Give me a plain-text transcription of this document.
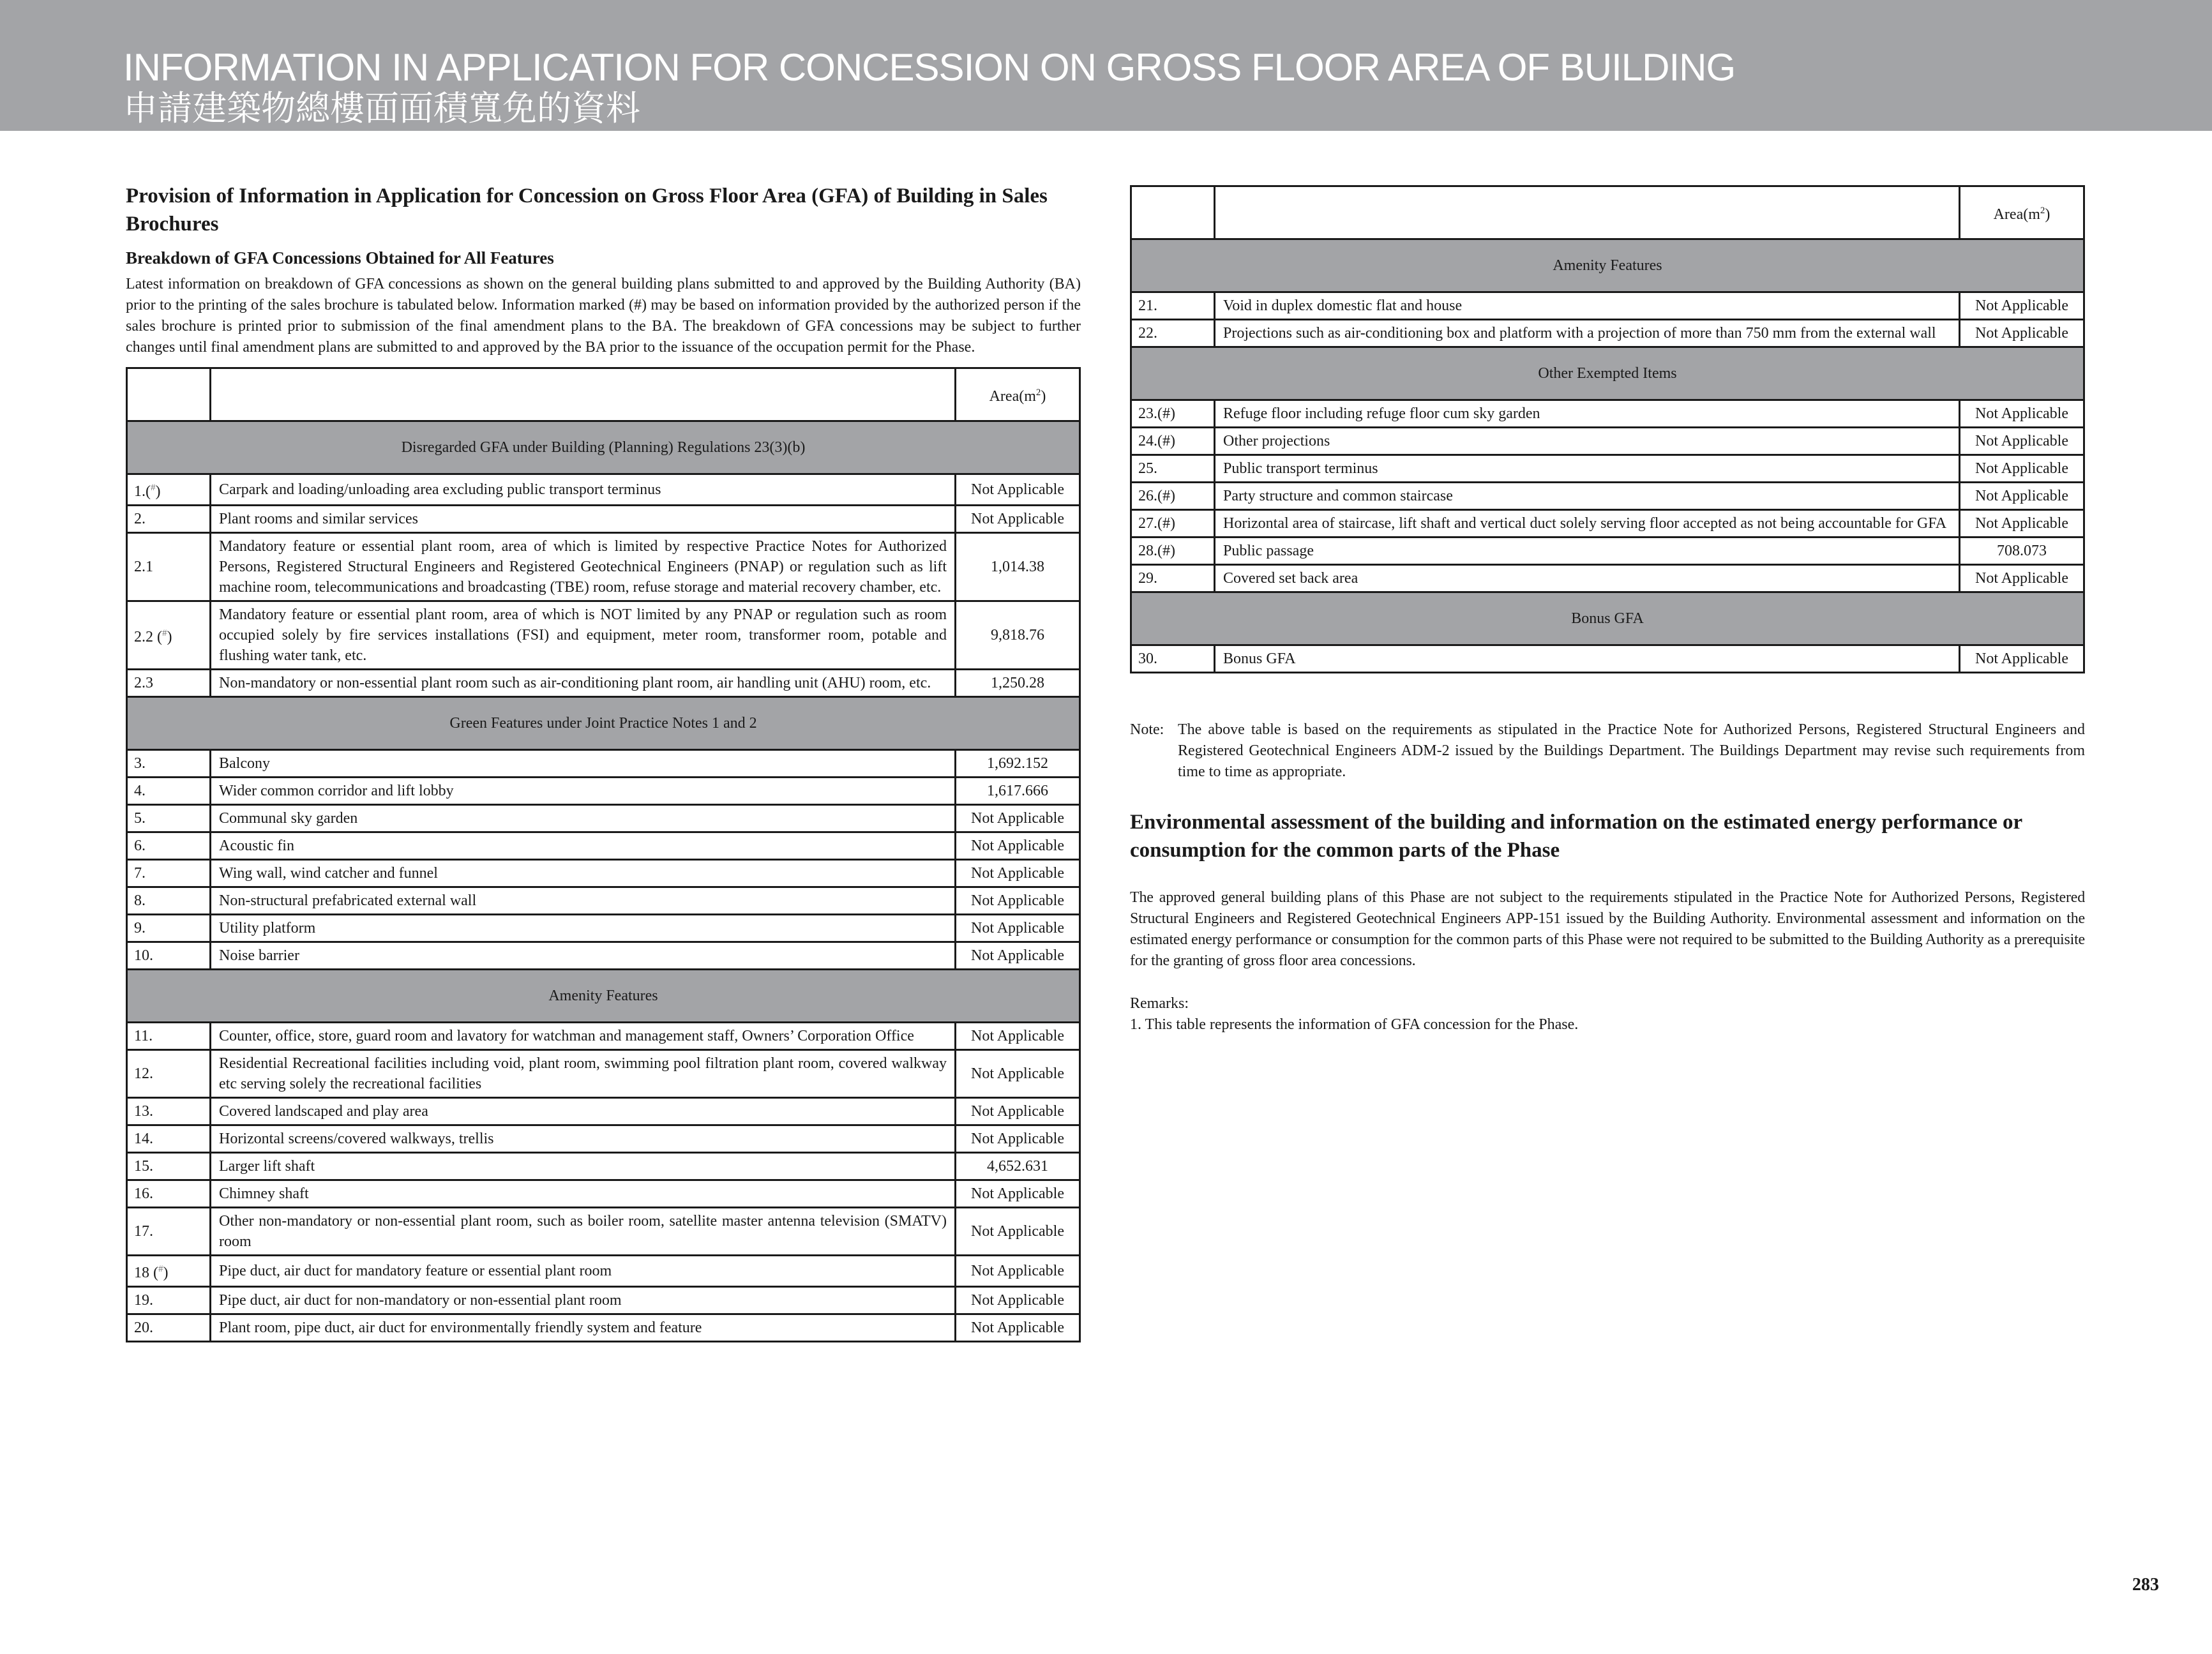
INFORMATION IN APPLICATION FOR CONCESSION ON GROSS FLOOR AREA OF BUILDING
申請建築物總樓面面積寬免的資料

Provision of Information in Application for Concession on Gross Floor Area (GFA) of Building in Sales Brochures

Breakdown of GFA Concessions Obtained for All Features

Latest information on breakdown of GFA concessions as shown on the general building plans submitted to and approved by the Building Authority (BA) prior to the printing of the sales brochure is tabulated below. Information marked (#) may be based on information provided by the authorized person if the sales brochure is printed prior to submission of the final amendment plans to the BA. The breakdown of GFA concessions may be subject to further changes until final amendment plans are submitted to and approved by the BA prior to the issuance of the occupation permit for the Phase.

		$Area(m^2)$
Disregarded GFA under Building (Planning) Regulations 23(3)(b)		
1.(#)	Carpark and loading/unloading area excluding public transport terminus	Not Applicable
2.	Plant rooms and similar services	Not Applicable
2.1	Mandatory feature or essential plant room, area of which is limited by respective Practice Notes for Authorized Persons, Registered Structural Engineers and Registered Geotechnical Engineers (PNAP) or regulation such as lift machine room, telecommunications and broadcasting (TBE) room, refuse storage and material recovery chamber, etc.	1,014.38
2.2 (#)	Mandatory feature or essential plant room, area of which is NOT limited by any PNAP or regulation such as room occupied solely by fire services installations (FSI) and equipment, meter room, transformer room, potable and flushing water tank, etc.	9,818.76
2.3	Non-mandatory or non-essential plant room such as air-conditioning plant room, air handling unit (AHU) room, etc.	1,250.28
Green Features under Joint Practice Notes 1 and 2		
3.	Balcony	1,692.152
4.	Wider common corridor and lift lobby	1,617.666
5.	Communal sky garden	Not Applicable
6.	Acoustic fin	Not Applicable
7.	Wing wall, wind catcher and funnel	Not Applicable
8.	Non-structural prefabricated external wall	Not Applicable
9.	Utility platform	Not Applicable
10.	Noise barrier	Not Applicable
Amenity Features		
11.	Counter, office, store, guard room and lavatory for watchman and management staff, Owners’ Corporation Office	Not Applicable
12.	Residential Recreational facilities including void, plant room, swimming pool filtration plant room, covered walkway etc serving solely the recreational facilities	Not Applicable
13.	Covered landscaped and play area	Not Applicable
14.	Horizontal screens/covered walkways, trellis	Not Applicable
15.	Larger lift shaft	4,652.631
16.	Chimney shaft	Not Applicable
17.	Other non-mandatory or non-essential plant room, such as boiler room, satellite master antenna television (SMATV) room	Not Applicable
18 (#)	Pipe duct, air duct for mandatory feature or essential plant room	Not Applicable
19.	Pipe duct, air duct for non-mandatory or non-essential plant room	Not Applicable
20.	Plant room, pipe duct, air duct for environmentally friendly system and feature	Not Applicable
		$Area(m^2)$
Amenity Features		
21.	Void in duplex domestic flat and house	Not Applicable
22.	Projections such as air-conditioning box and platform with a projection of more than 750 mm from the external wall	Not Applicable
Other Exempted Items		
23.(#)	Refuge floor including refuge floor cum sky garden	Not Applicable
24.(#)	Other projections	Not Applicable
25.	Public transport terminus	Not Applicable
26.(#)	Party structure and common staircase	Not Applicable
27.(#)	Horizontal area of staircase, lift shaft and vertical duct solely serving floor accepted as not being accountable for GFA	Not Applicable
28.(#)	Public passage	708.073
29.	Covered set back area	Not Applicable
Bonus GFA		
30.	Bonus GFA	Not Applicable
Note: The above table is based on the requirements as stipulated in the Practice Note for Authorized Persons, Registered Structural Engineers and Registered Geotechnical Engineers ADM-2 issued by the Buildings Department. The Buildings Department may revise such requirements from time to time as appropriate.

Environmental assessment of the building and information on the estimated energy performance or consumption for the common parts of the Phase

The approved general building plans of this Phase are not subject to the requirements stipulated in the Practice Note for Authorized Persons, Registered Structural Engineers and Registered Geotechnical Engineers APP-151 issued by the Building Authority. Environmental assessment and information on the estimated energy performance or consumption for the common parts of this Phase were not required to be submitted to the Building Authority as a prerequisite for the granting of gross floor area concessions.

Remarks:

1. This table represents the information of GFA concession for the Phase.

283
